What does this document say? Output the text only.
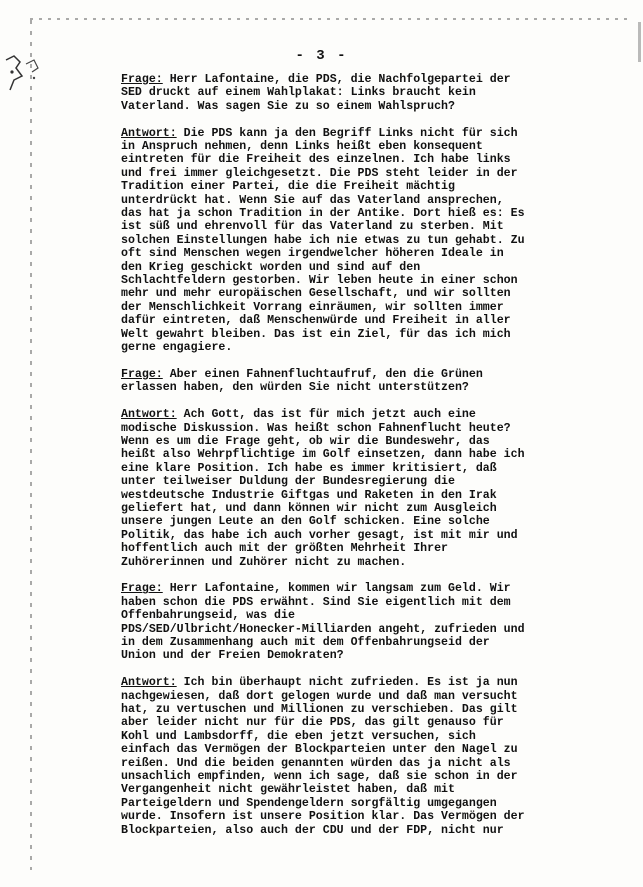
- 3 -
Frage: Herr Lafontaine, die PDS, die Nachfolgepartei der
SED druckt auf einem Wahlplakat: Links braucht kein
Vaterland. Was sagen Sie zu so einem Wahlspruch?
Antwort: Die PDS kann ja den Begriff Links nicht für sich
in Anspruch nehmen, denn Links heißt eben konsequent
eintreten für die Freiheit des einzelnen. Ich habe links
und frei immer gleichgesetzt. Die PDS steht leider in der
Tradition einer Partei, die die Freiheit mächtig
unterdrückt hat. Wenn Sie auf das Vaterland ansprechen,
das hat ja schon Tradition in der Antike. Dort hieß es: Es
ist süß und ehrenvoll für das Vaterland zu sterben. Mit
solchen Einstellungen habe ich nie etwas zu tun gehabt. Zu
oft sind Menschen wegen irgendwelcher höheren Ideale in
den Krieg geschickt worden und sind auf den
Schlachtfeldern gestorben. Wir leben heute in einer schon
mehr und mehr europäischen Gesellschaft, und wir sollten
der Menschlichkeit Vorrang einräumen, wir sollten immer
dafür eintreten, daß Menschenwürde und Freiheit in aller
Welt gewahrt bleiben. Das ist ein Ziel, für das ich mich
gerne engagiere.
Frage: Aber einen Fahnenfluchtaufruf, den die Grünen
erlassen haben, den würden Sie nicht unterstützen?
Antwort: Ach Gott, das ist für mich jetzt auch eine
modische Diskussion. Was heißt schon Fahnenflucht heute?
Wenn es um die Frage geht, ob wir die Bundeswehr, das
heißt also Wehrpflichtige im Golf einsetzen, dann habe ich
eine klare Position. Ich habe es immer kritisiert, daß
unter teilweiser Duldung der Bundesregierung die
westdeutsche Industrie Giftgas und Raketen in den Irak
geliefert hat, und dann können wir nicht zum Ausgleich
unsere jungen Leute an den Golf schicken. Eine solche
Politik, das habe ich auch vorher gesagt, ist mit mir und
hoffentlich auch mit der größten Mehrheit Ihrer
Zuhörerinnen und Zuhörer nicht zu machen.
Frage: Herr Lafontaine, kommen wir langsam zum Geld. Wir
haben schon die PDS erwähnt. Sind Sie eigentlich mit dem
Offenbahrungseid, was die
PDS/SED/Ulbricht/Honecker-Milliarden angeht, zufrieden und
in dem Zusammenhang auch mit dem Offenbahrungseid der
Union und der Freien Demokraten?
Antwort: Ich bin überhaupt nicht zufrieden. Es ist ja nun
nachgewiesen, daß dort gelogen wurde und daß man versucht
hat, zu vertuschen und Millionen zu verschieben. Das gilt
aber leider nicht nur für die PDS, das gilt genauso für
Kohl und Lambsdorff, die eben jetzt versuchen, sich
einfach das Vermögen der Blockparteien unter den Nagel zu
reißen. Und die beiden genannten würden das ja nicht als
unsachlich empfinden, wenn ich sage, daß sie schon in der
Vergangenheit nicht gewährleistet haben, daß mit
Parteigeldern und Spendengeldern sorgfältig umgegangen
wurde. Insofern ist unsere Position klar. Das Vermögen der
Blockparteien, also auch der CDU und der FDP, nicht nur
